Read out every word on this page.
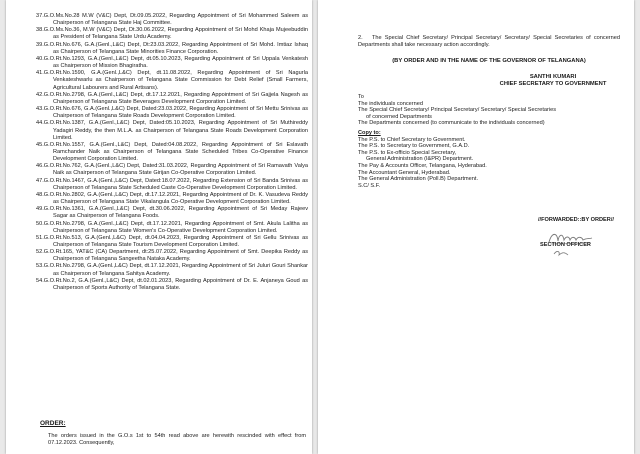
37.G.O.Ms.No.28 M.W (V&C) Dept, Dt.09.05.2022, Regarding Appointment of Sri Mohammed Saleem as Chairperson of Telangana State Haj Committee.

38.G.O.Ms.No.36, M.W (V&C) Dept, Dt.30.06.2022, Regarding Appointment of Sri Mohd Khaja Mujeebuddin as President of Telangana State Urdu Academy.

39.G.O.Rt.No.676, G.A.(Genl.,L&C) Dept, Dt:23.03.2022, Regarding Appointment of Sri Mohd. Imtiaz Ishaq as Chairperson of Telangana State Minorities Finance Corporation.

40.G.O.Rt.No.1293, G.A.(Genl.,L&C) Dept, dt.05.10.2023, Regarding Appointment of Sri Uppala Venkatesh as Chairperson of Mission Bhagiratha.

41.G.O.Rt.No.1590, G.A.(Genl.,L&C) Dept, dt.11.08.2022, Regarding Appointment of Sri Nagurla Venkateshwarlu as Chairperson of Telangana State Commission for Debt Relief (Small Farmers, Agricultural Labourers and Rural Artisans).

42.G.O.Rt.No.2798, G.A.(Genl.,L&C) Dept, dt.17.12.2021, Regarding Appointment of Sri Gajjela Nagesh as Chairperson of Telangana State Beverages Development Corporation Limited.

43.G.O.Rt.No.676, G.A.(Genl.,L&C) Dept, Dated:23.03.2022, Regarding Appointment of Sri Mettu Srinivas as Chairperson of Telangana State Roads Development Corporation Limited.

44.G.O.Rt.No.1387, G.A.(Genl.,L&C) Dept, Dated:05.10.2023, Regarding Appointment of Sri Muthireddy Yadagiri Reddy, the then M.L.A. as Chairperson of Telangana State Roads Development Corporation Limited.

45.G.O.Rt.No.1557, G.A.(Genl.,L&C) Dept, Dated:04.08.2022, Regarding Appointment of Sri Eslavath Ramchander Naik as Chairperson of Telangana State Scheduled Tribes Co-Operative Finance Development Corporation Limited.

46.G.O.Rt.No.762, G.A.(Genl.,L&C) Dept, Dated:31.03.2022, Regarding Appointment of Sri Ramavath Valya Naik as Chairperson of Telangana State Girijan Co-Operative Corporation Limited.

47.G.O.Rt.No.1467, G.A.(Genl.,L&C) Dept, Dated:18.07.2022, Regarding Extension of Sri Banda Srinivas as Chairperson of Telangana State Scheduled Caste Co-Operative Development Corporation Limited.

48.G.O.Rt.No.2802, G.A.(Genl.,L&C) Dept, dt.17.12.2021, Regarding Appointment of Dr. K. Vasudeva Reddy as Chairperson of Telangana State Vikalangula Co-Operative Development Corporation Limited.

49.G.O.Rt.No.1361, G.A.(Genl.,L&C) Dept, dt.30.06.2022, Regarding Appointment of Sri Meday Rajeev Sagar as Chairperson of Telangana Foods.

50.G.O.Rt.No.2798, G.A.(Genl.,L&C) Dept, dt.17.12.2021, Regarding Appointment of Smt. Akula Lalitha as Chairperson of Telangana State Women's Co-Operative Development Corporation Limited.

51.G.O.Rt.No.513, G.A.(Genl.,L&C) Dept, dt.04.04.2023, Regarding Appointment of Sri Gellu Srinivas as Chairperson of Telangana State Tourism Development Corporation Limited.

52.G.O.Rt.165, YAT&C (CA) Department, dt:25.07.2022, Regarding Appointment of Smt. Deepika Reddy as Chairperson of Telangana Sangeetha Nataka Academy.

53.G.O.Rt.No.2798, G.A.(Genl.,L&C) Dept, dt.17.12.2021, Regarding Appointment of Sri Juluri Gouri Shankar as Chairperson of Telangana Sahitya Academy.

54.G.O.Rt.No.2, G.A.(Genl.,L&C) Dept, dt.02.01.2023, Regarding Appointment of Dr. E. Anjaneya Goud as Chairperson of Sports Authority of Telangana State.

ORDER:
The orders issued in the G.O.s 1st to 54th read above are herewith rescinded with effect from 07.12.2023. Consequently,
2. The Special Chief Secretary/ Principal Secretary/ Secretary/ Special Secretaries of concerned Departments shall take necessary action accordingly.
(BY ORDER AND IN THE NAME OF THE GOVERNOR OF TELANGANA)
SANTHI KUMARI
CHIEF SECRETARY TO GOVERNMENT
To
The individuals concerned
The Special Chief Secretary/ Principal Secretary/ Secretary/ Special Secretaries
of concerned Departments
The Departments concerned (to communicate to the individuals concerned)
Copy to:
The P.S. to Chief Secretary to Government.
The P.S. to Secretary to Government, G.A.D.
The P.S. to Ex-officio Special Secretary,
General Administration (I&PR) Department.
The Pay & Accounts Officer, Telangana, Hyderabad.
The Accountant General, Hyderabad.
The General Administration (Poll.B) Department.
S.C/ S.F.
//FORWARDED::BY ORDER//
SECTION OFFICER
